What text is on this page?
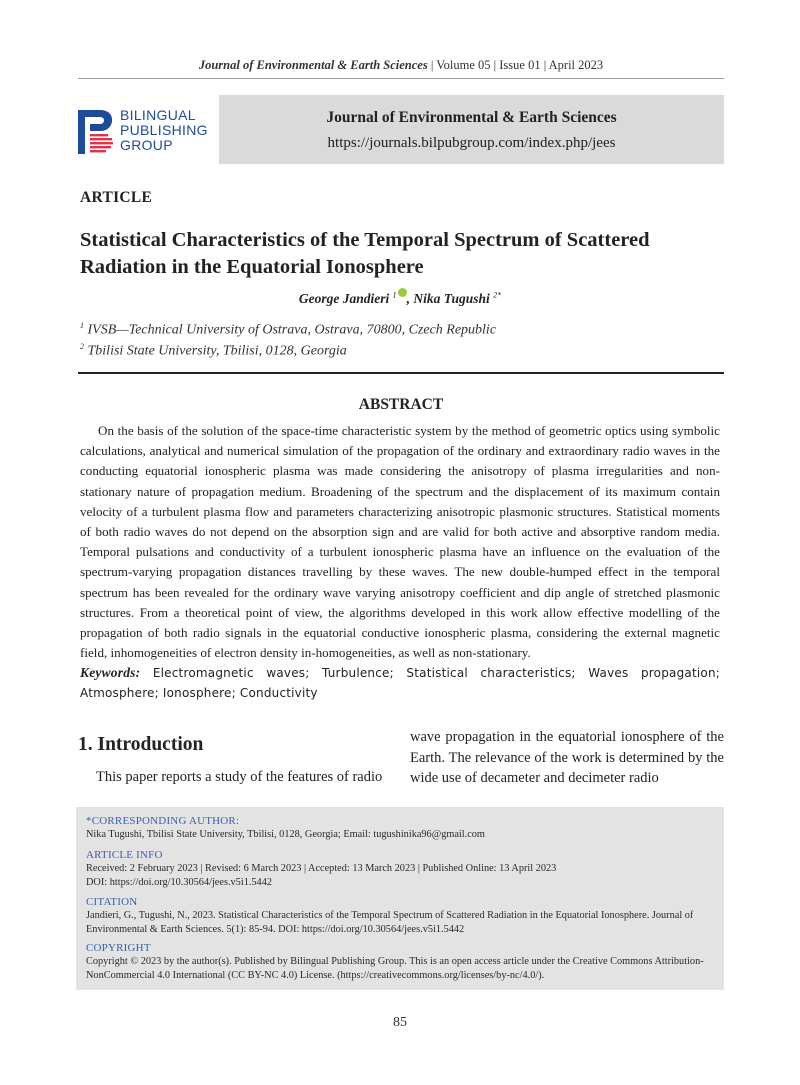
Journal of Environmental & Earth Sciences | Volume 05 | Issue 01 | April 2023
BILINGUAL
PUBLISHING
GROUP
Journal of Environmental & Earth Sciences
https://journals.bilpubgroup.com/index.php/jees
ARTICLE
Statistical Characteristics of the Temporal Spectrum of Scattered
Radiation in the Equatorial Ionosphere
George Jandieri $^1$ , Nika Tugushi $^{2*}$
$^1$ IVSB—Technical University of Ostrava, Ostrava, 70800, Czech Republic
$^2$ Tbilisi State University, Tbilisi, 0128, Georgia
ABSTRACT

On the basis of the solution of the space-time characteristic system by the method of geometric optics using symbolic calculations, analytical and numerical simulation of the propagation of the ordinary and extraordinary radio waves in the conducting equatorial ionospheric plasma was made considering the anisotropy of plasma irregularities and non-stationary nature of propagation medium. Broadening of the spectrum and the displacement of its maximum contain velocity of a turbulent plasma flow and parameters characterizing anisotropic plasmonic structures. Statistical moments of both radio waves do not depend on the absorption sign and are valid for both active and absorptive random media. Temporal pulsations and conductivity of a turbulent ionospheric plasma have an influence on the evaluation of the spectrum-varying propagation distances travelling by these waves. The new double-humped effect in the temporal spectrum has been revealed for the ordinary wave varying anisotropy coefficient and dip angle of stretched plasmonic structures. From a theoretical point of view, the algorithms developed in this work allow effective modelling of the propagation of both radio signals in the equatorial conductive ionospheric plasma, considering the external magnetic field, inhomogeneities of electron density in-homogeneities, as well as non-stationary.

Keywords: Electromagnetic waves; Turbulence; Statistical characteristics; Waves propagation; Atmosphere; Ionosphere; Conductivity
1. Introduction

This paper reports a study of the features of radio

wave propagation in the equatorial ionosphere of the Earth. The relevance of the work is determined by the wide use of decameter and decimeter radio

*CORRESPONDING AUTHOR:
Nika Tugushi, Tbilisi State University, Tbilisi, 0128, Georgia; Email: tugushinika96@gmail.com
ARTICLE INFO
Received: 2 February 2023 | Revised: 6 March 2023 | Accepted: 13 March 2023 | Published Online: 13 April 2023
DOI: https://doi.org/10.30564/jees.v5i1.5442
CITATION
Jandieri, G., Tugushi, N., 2023. Statistical Characteristics of the Temporal Spectrum of Scattered Radiation in the Equatorial Ionosphere. Journal of Environmental & Earth Sciences. 5(1): 85-94. DOI: https://doi.org/10.30564/jees.v5i1.5442
COPYRIGHT
Copyright © 2023 by the author(s). Published by Bilingual Publishing Group. This is an open access article under the Creative Commons Attribution-NonCommercial 4.0 International (CC BY-NC 4.0) License. (https://creativecommons.org/licenses/by-nc/4.0/).
85
